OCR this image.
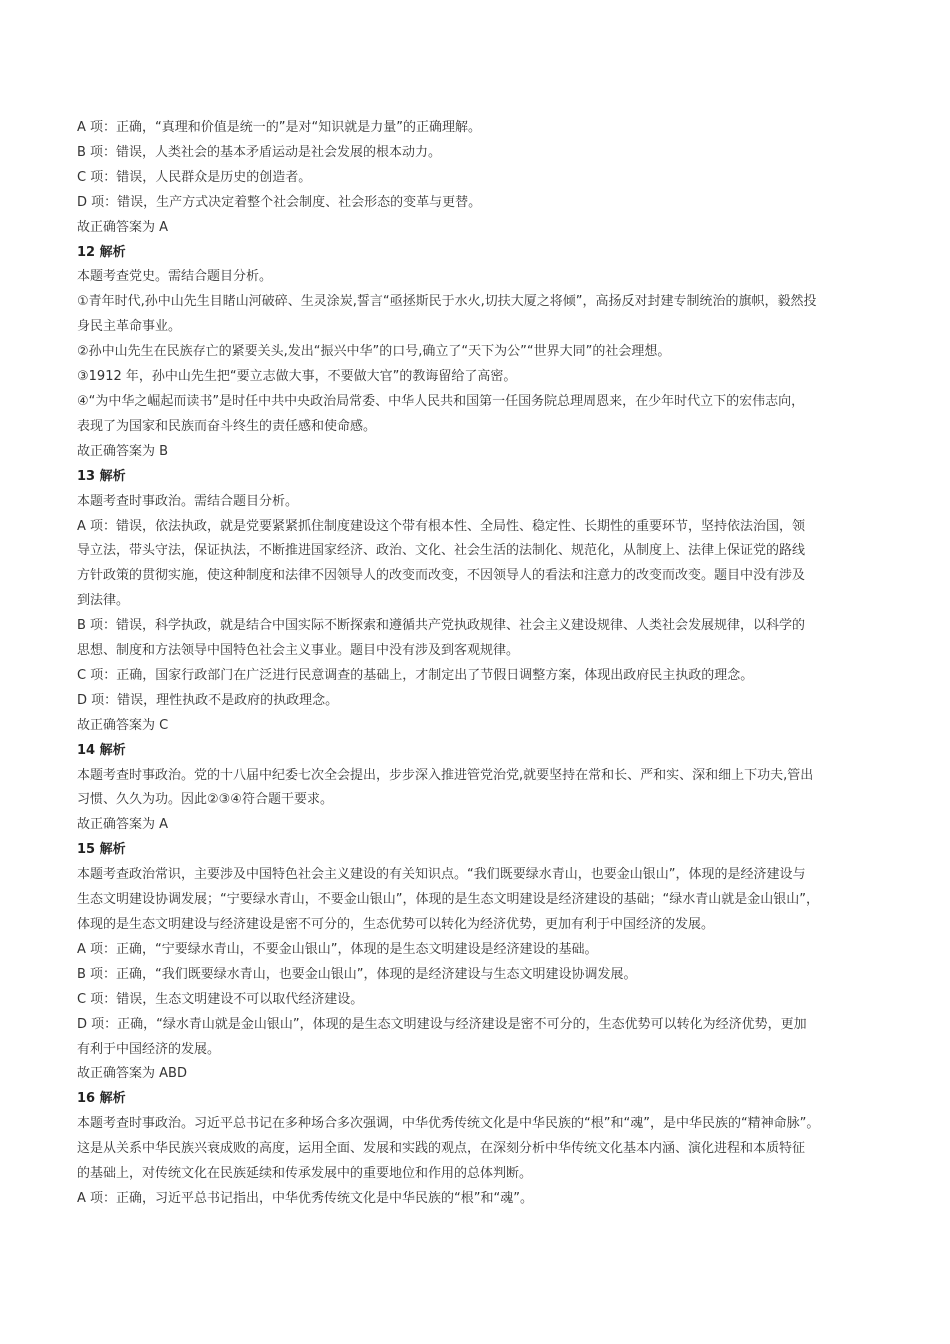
A 项：正确，“真理和价值是统一的”是对“知识就是力量”的正确理解。

B 项：错误，人类社会的基本矛盾运动是社会发展的根本动力。

C 项：错误，人民群众是历史的创造者。

D 项：错误，生产方式决定着整个社会制度、社会形态的变革与更替。

故正确答案为 A

12 解析

本题考查党史。需结合题目分析。

①青年时代,孙中山先生目睹山河破碎、生灵涂炭,誓言“亟拯斯民于水火,切扶大厦之将倾”，高扬反对封建专制统治的旗帜，毅然投

身民主革命事业。

②孙中山先生在民族存亡的紧要关头,发出“振兴中华”的口号,确立了“天下为公”“世界大同”的社会理想。

③1912 年，孙中山先生把“要立志做大事，不要做大官”的教诲留给了高密。

④“为中华之崛起而读书”是时任中共中央政治局常委、中华人民共和国第一任国务院总理周恩来，在少年时代立下的宏伟志向，

表现了为国家和民族而奋斗终生的责任感和使命感。

故正确答案为 B

13 解析

本题考查时事政治。需结合题目分析。

A 项：错误，依法执政，就是党要紧紧抓住制度建设这个带有根本性、全局性、稳定性、长期性的重要环节，坚持依法治国，领

导立法，带头守法，保证执法，不断推进国家经济、政治、文化、社会生活的法制化、规范化，从制度上、法律上保证党的路线

方针政策的贯彻实施，使这种制度和法律不因领导人的改变而改变，不因领导人的看法和注意力的改变而改变。题目中没有涉及

到法律。

B 项：错误，科学执政，就是结合中国实际不断探索和遵循共产党执政规律、社会主义建设规律、人类社会发展规律，以科学的

思想、制度和方法领导中国特色社会主义事业。题目中没有涉及到客观规律。

C 项：正确，国家行政部门在广泛进行民意调查的基础上，才制定出了节假日调整方案，体现出政府民主执政的理念。

D 项：错误，理性执政不是政府的执政理念。

故正确答案为 C

14 解析

本题考查时事政治。党的十八届中纪委七次全会提出，步步深入推进管党治党,就要坚持在常和长、严和实、深和细上下功夫,管出

习惯、久久为功。因此②③④符合题干要求。

故正确答案为 A

15 解析

本题考查政治常识，主要涉及中国特色社会主义建设的有关知识点。“我们既要绿水青山，也要金山银山”，体现的是经济建设与

生态文明建设协调发展；“宁要绿水青山，不要金山银山”，体现的是生态文明建设是经济建设的基础；“绿水青山就是金山银山”，

体现的是生态文明建设与经济建设是密不可分的，生态优势可以转化为经济优势，更加有利于中国经济的发展。

A 项：正确，“宁要绿水青山，不要金山银山”，体现的是生态文明建设是经济建设的基础。

B 项：正确，“我们既要绿水青山，也要金山银山”，体现的是经济建设与生态文明建设协调发展。

C 项：错误，生态文明建设不可以取代经济建设。

D 项：正确，“绿水青山就是金山银山”，体现的是生态文明建设与经济建设是密不可分的，生态优势可以转化为经济优势，更加

有利于中国经济的发展。

故正确答案为 ABD

16 解析

本题考查时事政治。习近平总书记在多种场合多次强调，中华优秀传统文化是中华民族的“根”和“魂”，是中华民族的“精神命脉”。

这是从关系中华民族兴衰成败的高度，运用全面、发展和实践的观点，在深刻分析中华传统文化基本内涵、演化进程和本质特征

的基础上，对传统文化在民族延续和传承发展中的重要地位和作用的总体判断。

A 项：正确，习近平总书记指出，中华优秀传统文化是中华民族的“根”和“魂”。
